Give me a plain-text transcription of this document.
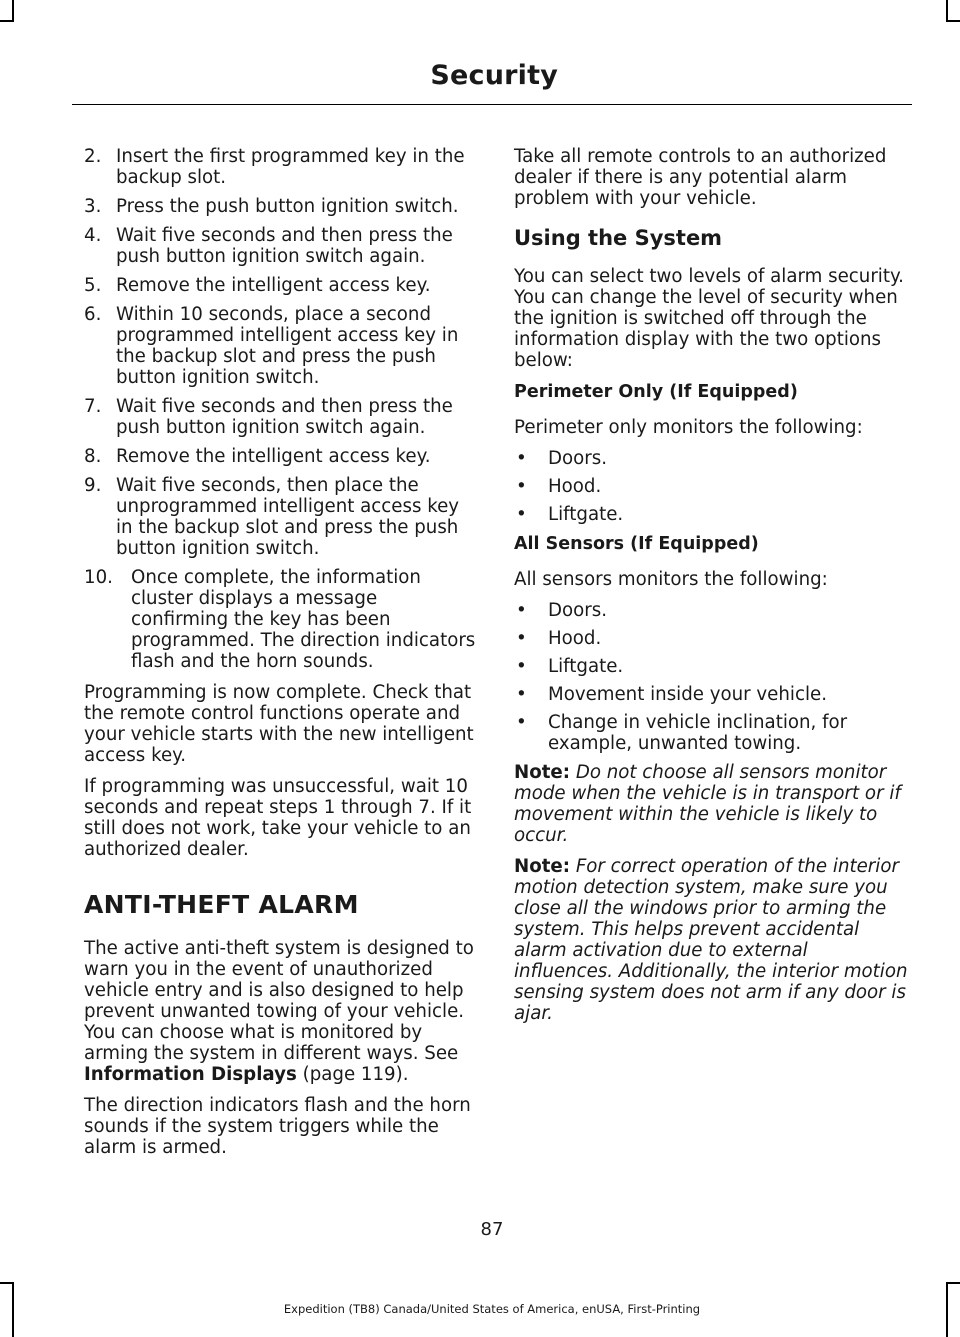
Security
2. Insert the first programmed key in the backup slot.
3. Press the push button ignition switch.
4. Wait five seconds and then press the push button ignition switch again.
5. Remove the intelligent access key.
6. Within 10 seconds, place a second programmed intelligent access key in the backup slot and press the push button ignition switch.
7. Wait five seconds and then press the push button ignition switch again.
8. Remove the intelligent access key.
9. Wait five seconds, then place the unprogrammed intelligent access key in the backup slot and press the push button ignition switch.
10. Once complete, the information cluster displays a message confirming the key has been programmed. The direction indicators flash and the horn sounds.

Programming is now complete. Check that the remote control functions operate and your vehicle starts with the new intelligent access key.

If programming was unsuccessful, wait 10 seconds and repeat steps 1 through 7. If it still does not work, take your vehicle to an authorized dealer.

ANTI-THEFT ALARM

The active anti-theft system is designed to warn you in the event of unauthorized vehicle entry and is also designed to help prevent unwanted towing of your vehicle. You can choose what is monitored by arming the system in different ways. See Information Displays (page 119).

The direction indicators flash and the horn sounds if the system triggers while the alarm is armed.

Take all remote controls to an authorized dealer if there is any potential alarm problem with your vehicle.

Using the System

You can select two levels of alarm security. You can change the level of security when the ignition is switched off through the information display with the two options below:

Perimeter Only (If Equipped)

Perimeter only monitors the following:

•	Doors.
•	Hood.
•	Liftgate.
All Sensors (If Equipped)

All sensors monitors the following:

•	Doors.
•	Hood.
•	Liftgate.
•	Movement inside your vehicle.
•	Change in vehicle inclination, for example, unwanted towing.

Note: Do not choose all sensors monitor mode when the vehicle is in transport or if movement within the vehicle is likely to occur.

Note: For correct operation of the interior motion detection system, make sure you close all the windows prior to arming the system. This helps prevent accidental alarm activation due to external influences. Additionally, the interior motion sensing system does not arm if any door is ajar.

87
Expedition (TB8) Canada/United States of America, enUSA, First-Printing
